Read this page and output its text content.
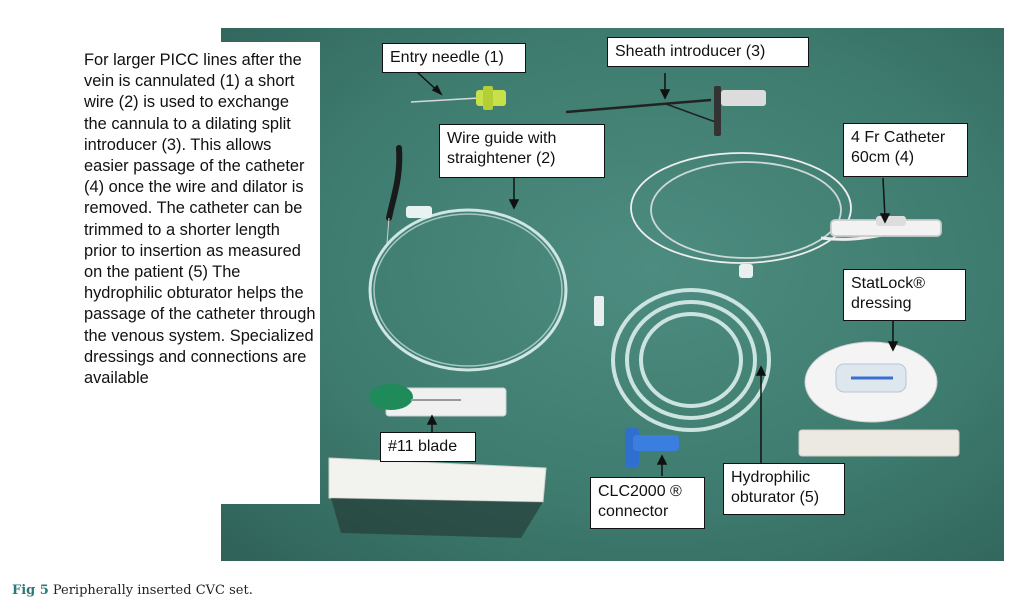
For larger PICC lines after the vein is cannulated (1) a short wire (2) is used to exchange the cannula to a dilating split introducer (3). This allows easier passage of the catheter (4) once the wire and dilator is removed. The catheter can be trimmed to a shorter length prior to insertion as measured on the patient (5) The hydrophilic obturator helps the passage of the catheter through the venous system. Specialized dressings and connections are available

Entry needle (1)	Sheath introducer (3)
Wire guide with
straightener (2)
4 Fr Catheter
60cm (4)
StatLock®
dressing
#11 blade
CLC2000 ®
connector
Hydrophilic
obturator (5)
Fig 5 Peripherally inserted CVC set.
